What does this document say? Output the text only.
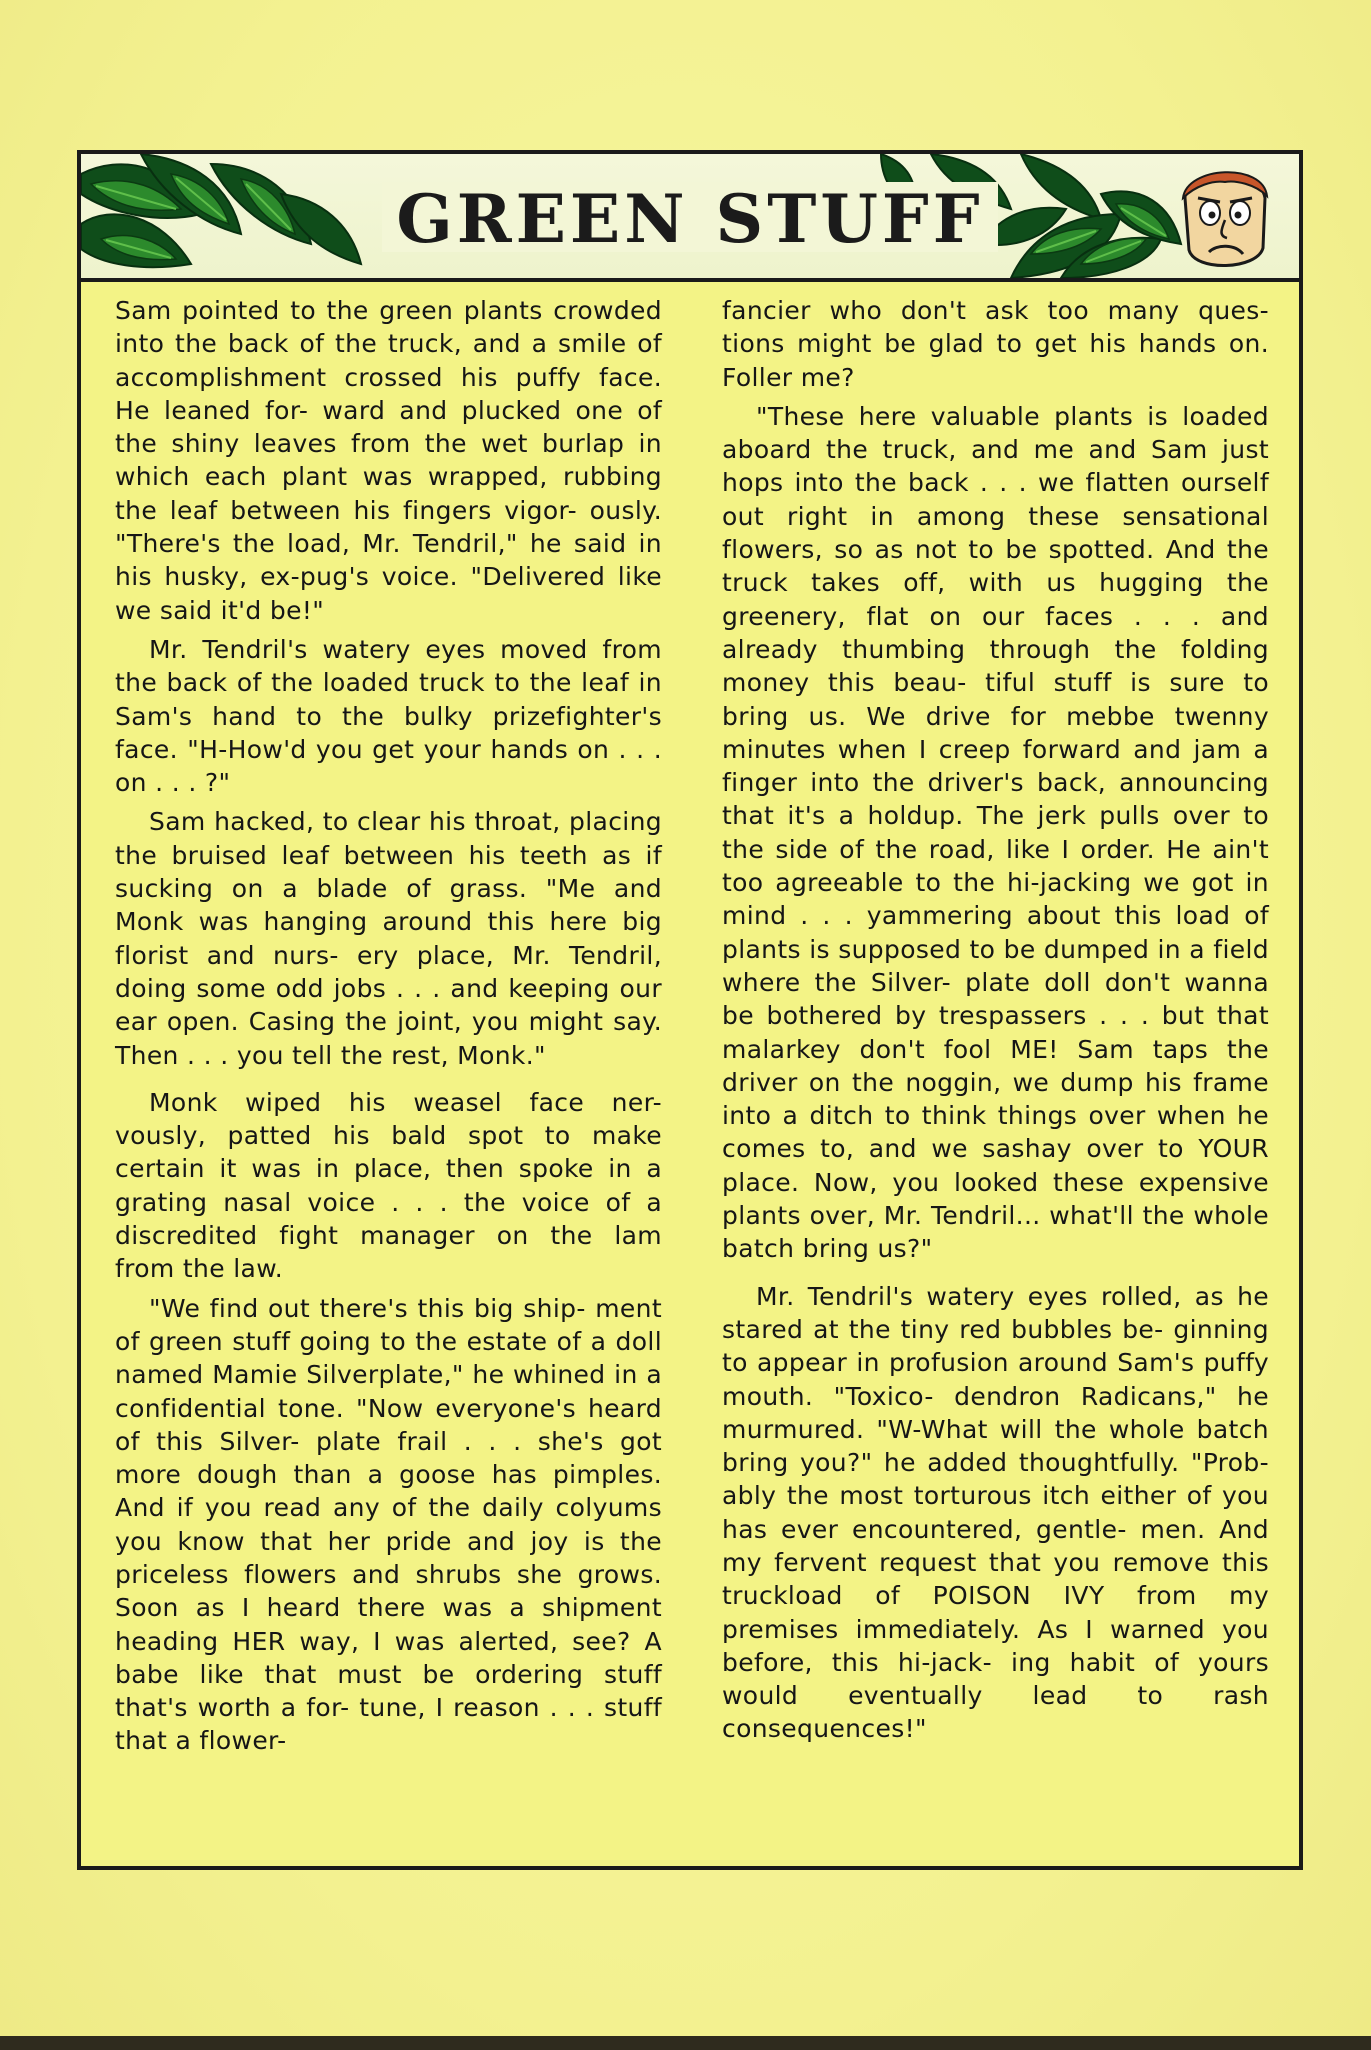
GREEN STUFF

Sam pointed to the green plants crowded into the back of the truck, and a smile of accomplishment crossed his puffy face. He leaned for- ward and plucked one of the shiny leaves from the wet burlap in which each plant was wrapped, rubbing the leaf between his fingers vigor- ously. "There's the load, Mr. Tendril," he said in his husky, ex-pug's voice. "Delivered like we said it'd be!"

Mr. Tendril's watery eyes moved from the back of the loaded truck to the leaf in Sam's hand to the bulky prizefighter's face. "H-How'd you get your hands on . . . on . . . ?"

Sam hacked, to clear his throat, placing the bruised leaf between his teeth as if sucking on a blade of grass. "Me and Monk was hanging around this here big florist and nurs- ery place, Mr. Tendril, doing some odd jobs . . . and keeping our ear open. Casing the joint, you might say. Then . . . you tell the rest, Monk."

Monk wiped his weasel face ner- vously, patted his bald spot to make certain it was in place, then spoke in a grating nasal voice . . . the voice of a discredited fight manager on the lam from the law.

"We find out there's this big ship- ment of green stuff going to the estate of a doll named Mamie Silverplate," he whined in a confidential tone. "Now everyone's heard of this Silver- plate frail . . . she's got more dough than a goose has pimples. And if you read any of the daily colyums you know that her pride and joy is the priceless flowers and shrubs she grows. Soon as I heard there was a shipment heading HER way, I was alerted, see? A babe like that must be ordering stuff that's worth a for- tune, I reason . . . stuff that a flower-

fancier who don't ask too many ques- tions might be glad to get his hands on. Foller me?

"These here valuable plants is loaded aboard the truck, and me and Sam just hops into the back . . . we flatten ourself out right in among these sensational flowers, so as not to be spotted. And the truck takes off, with us hugging the greenery, flat on our faces . . . and already thumbing through the folding money this beau- tiful stuff is sure to bring us. We drive for mebbe twenny minutes when I creep forward and jam a finger into the driver's back, announcing that it's a holdup. The jerk pulls over to the side of the road, like I order. He ain't too agreeable to the hi-jacking we got in mind . . . yammering about this load of plants is supposed to be dumped in a field where the Silver- plate doll don't wanna be bothered by trespassers . . . but that malarkey don't fool ME! Sam taps the driver on the noggin, we dump his frame into a ditch to think things over when he comes to, and we sashay over to YOUR place. Now, you looked these expensive plants over, Mr. Tendril... what'll the whole batch bring us?"

Mr. Tendril's watery eyes rolled, as he stared at the tiny red bubbles be- ginning to appear in profusion around Sam's puffy mouth. "Toxico- dendron Radicans," he murmured. "W-What will the whole batch bring you?" he added thoughtfully. "Prob- ably the most torturous itch either of you has ever encountered, gentle- men. And my fervent request that you remove this truckload of POISON IVY from my premises immediately. As I warned you before, this hi-jack- ing habit of yours would eventually lead to rash consequences!"
